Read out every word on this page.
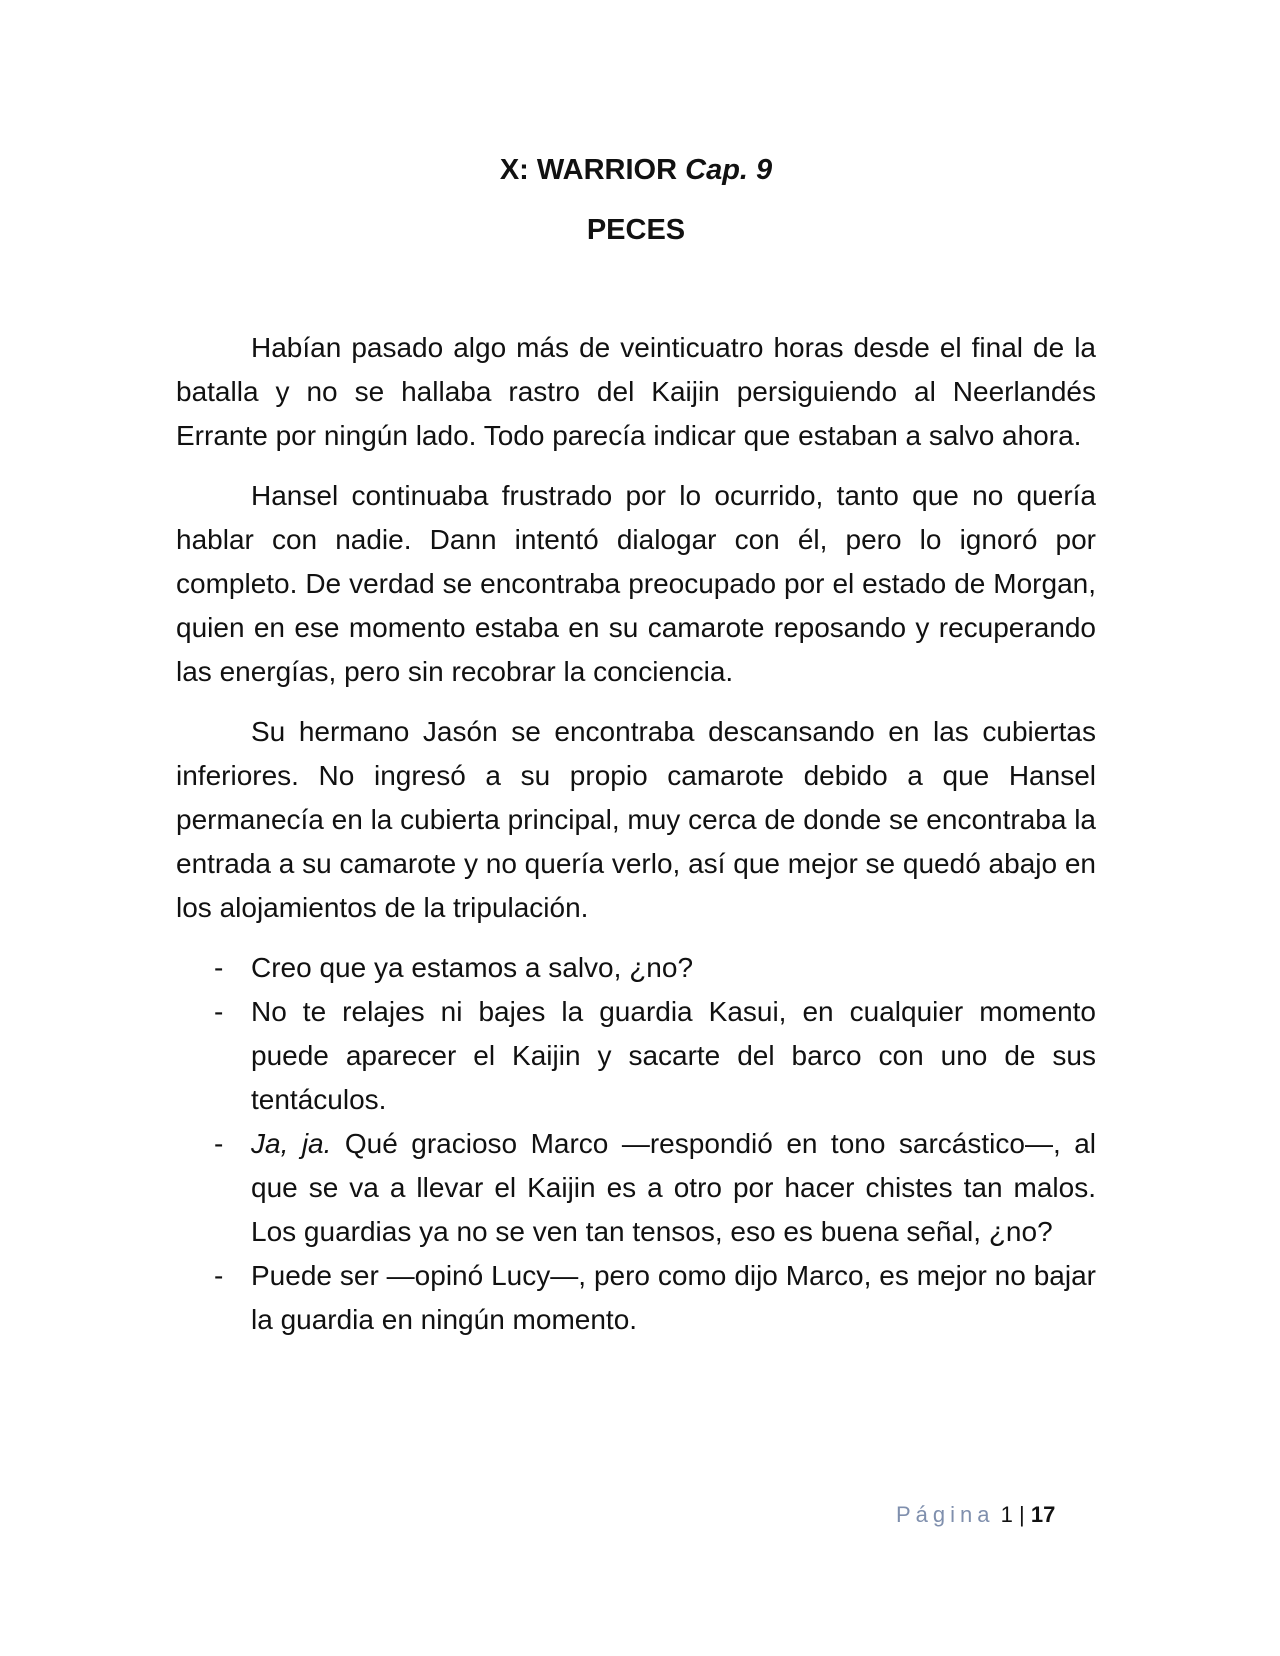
X: WARRIOR Cap. 9
PECES

Habían pasado algo más de veinticuatro horas desde el final de la batalla y no se hallaba rastro del Kaijin persiguiendo al Neerlandés Errante por ningún lado. Todo parecía indicar que estaban a salvo ahora.

Hansel continuaba frustrado por lo ocurrido, tanto que no quería hablar con nadie. Dann intentó dialogar con él, pero lo ignoró por completo. De verdad se encontraba preocupado por el estado de Morgan, quien en ese momento estaba en su camarote reposando y recuperando las energías, pero sin recobrar la conciencia.

Su hermano Jasón se encontraba descansando en las cubiertas inferiores. No ingresó a su propio camarote debido a que Hansel permanecía en la cubierta principal, muy cerca de donde se encontraba la entrada a su camarote y no quería verlo, así que mejor se quedó abajo en los alojamientos de la tripulación.

- Creo que ya estamos a salvo, ¿no?
- No te relajes ni bajes la guardia Kasui, en cualquier momento puede aparecer el Kaijin y sacarte del barco con uno de sus tentáculos.
- Ja, ja. Qué gracioso Marco —respondió en tono sarcástico—, al que se va a llevar el Kaijin es a otro por hacer chistes tan malos. Los guardias ya no se ven tan tensos, eso es buena señal, ¿no?
- Puede ser —opinó Lucy—, pero como dijo Marco, es mejor no bajar la guardia en ningún momento.
Página 1 | 17
